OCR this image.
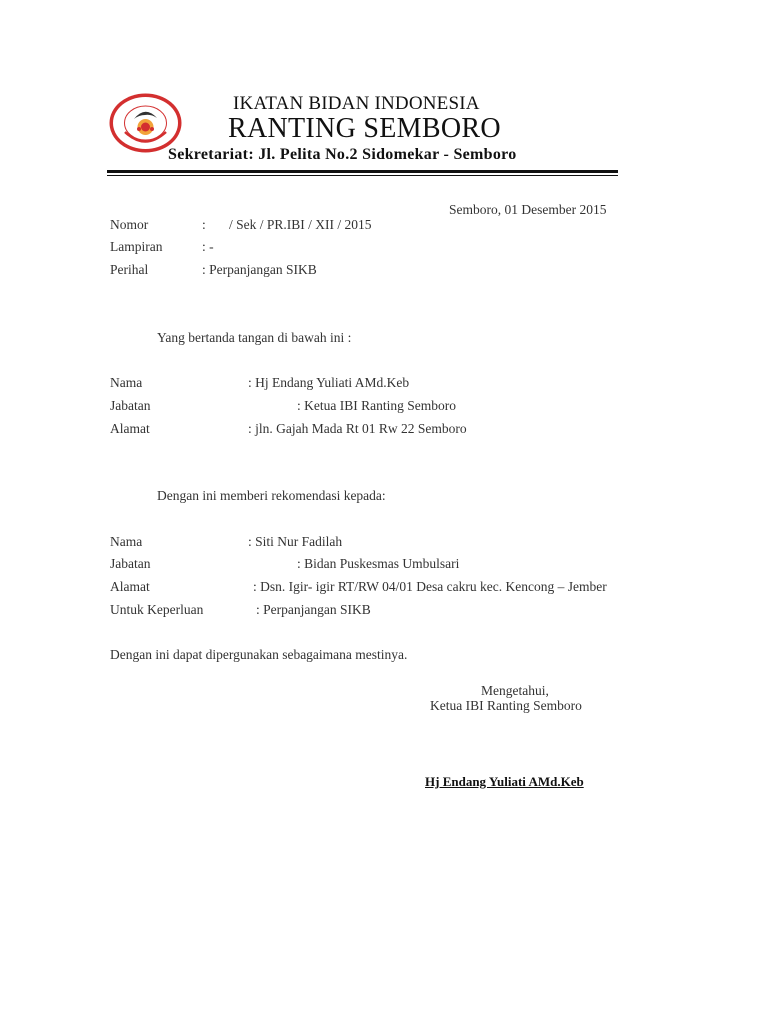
IKATAN BIDAN INDONESIA
RANTING SEMBORO
Sekretariat: Jl. Pelita No.2 Sidomekar - Semboro
Semboro, 01 Desember 2015
Nomor	: / Sek / PR.IBI / XII / 2015
Lampiran	: -
Perihal	: Perpanjangan SIKB
Yang bertanda tangan di bawah ini :
Nama	: Hj Endang Yuliati AMd.Keb
Jabatan	: Ketua IBI Ranting Semboro
Alamat	: jln. Gajah Mada Rt 01 Rw 22 Semboro
Dengan ini memberi rekomendasi kepada:
Nama	: Siti Nur Fadilah
Jabatan	: Bidan Puskesmas Umbulsari
Alamat	: Dsn. Igir- igir RT/RW 04/01 Desa cakru kec. Kencong – Jember
Untuk Keperluan	: Perpanjangan SIKB
Dengan ini dapat dipergunakan sebagaimana mestinya.
Mengetahui,
Ketua IBI Ranting Semboro
Hj Endang Yuliati AMd.Keb
